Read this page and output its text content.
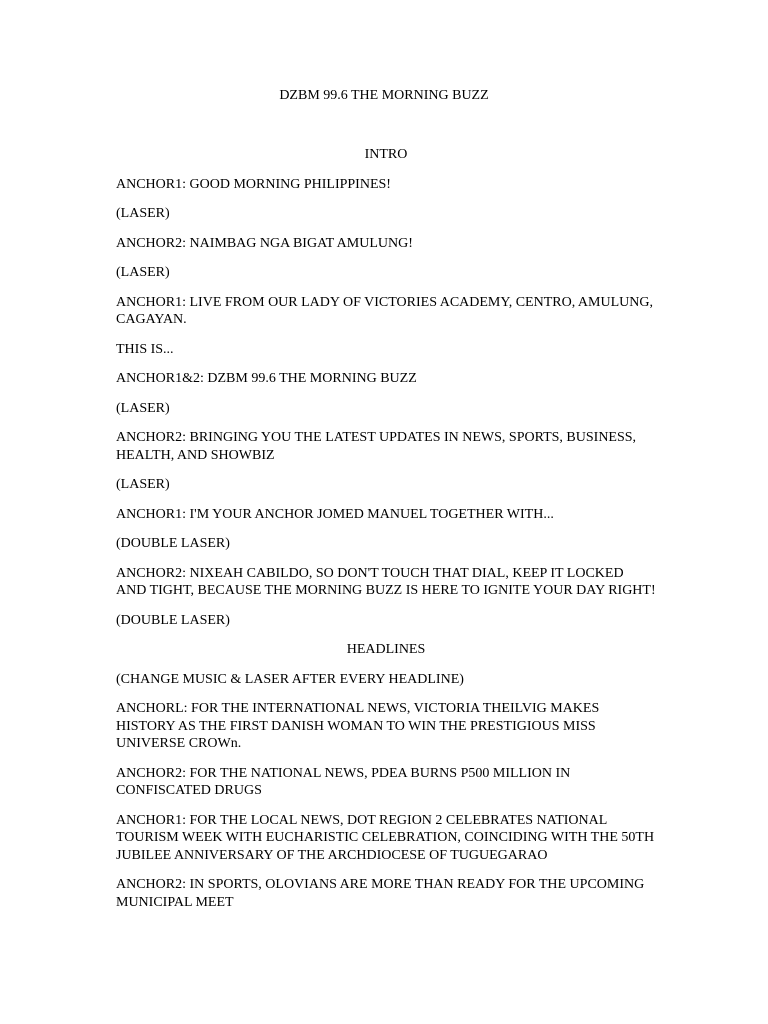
DZBM 99.6 THE MORNING BUZZ

INTRO

ANCHOR1: GOOD MORNING PHILIPPINES!

(LASER)

ANCHOR2: NAIMBAG NGA BIGAT AMULUNG!

(LASER)

ANCHOR1: LIVE FROM OUR LADY OF VICTORIES ACADEMY, CENTRO, AMULUNG, CAGAYAN.

THIS IS...

ANCHOR1&2: DZBM 99.6 THE MORNING BUZZ

(LASER)

ANCHOR2: BRINGING YOU THE LATEST UPDATES IN NEWS, SPORTS, BUSINESS, HEALTH, AND SHOWBIZ

(LASER)

ANCHOR1: I'M YOUR ANCHOR JOMED MANUEL TOGETHER WITH...

(DOUBLE LASER)

ANCHOR2: NIXEAH CABILDO, SO DON'T TOUCH THAT DIAL, KEEP IT LOCKED AND TIGHT, BECAUSE THE MORNING BUZZ IS HERE TO IGNITE YOUR DAY RIGHT!

(DOUBLE LASER)

HEADLINES

(CHANGE MUSIC & LASER AFTER EVERY HEADLINE)

ANCHORL: FOR THE INTERNATIONAL NEWS, VICTORIA THEILVIG MAKES HISTORY AS THE FIRST DANISH WOMAN TO WIN THE PRESTIGIOUS MISS UNIVERSE CROWn.

ANCHOR2: FOR THE NATIONAL NEWS, PDEA BURNS P500 MILLION IN CONFISCATED DRUGS

ANCHOR1: FOR THE LOCAL NEWS, DOT REGION 2 CELEBRATES NATIONAL TOURISM WEEK WITH EUCHARISTIC CELEBRATION, COINCIDING WITH THE 50TH JUBILEE ANNIVERSARY OF THE ARCHDIOCESE OF TUGUEGARAO

ANCHOR2: IN SPORTS, OLOVIANS ARE MORE THAN READY FOR THE UPCOMING MUNICIPAL MEET
